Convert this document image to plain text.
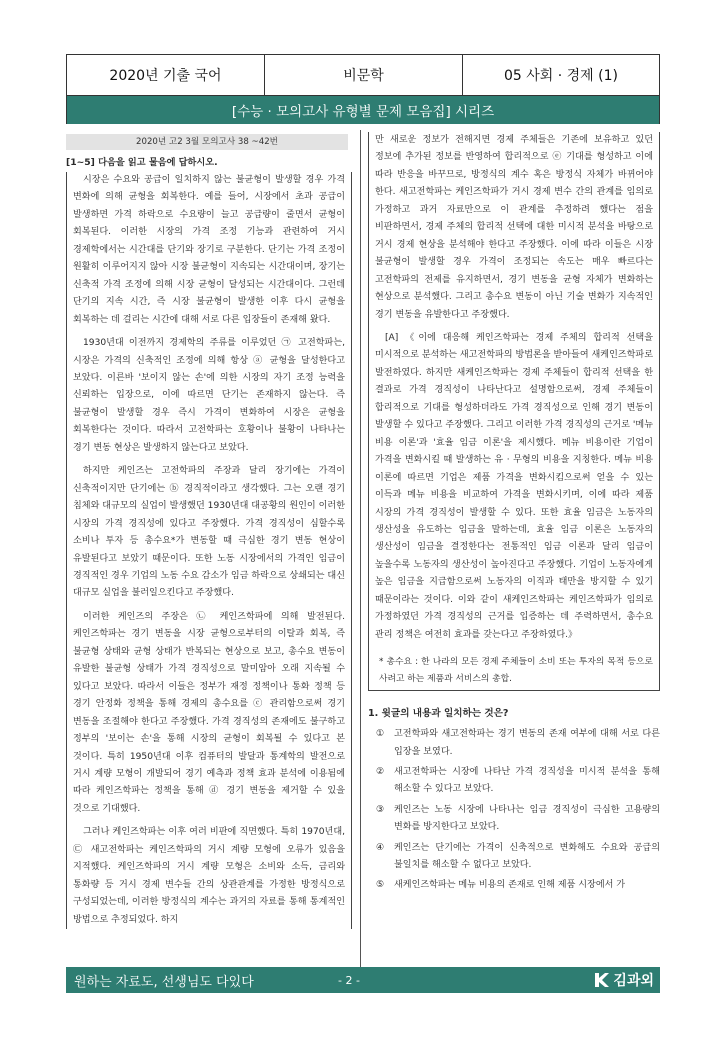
2020년 기출 국어	비문학	05 사회 · 경제 (1)
[수능 · 모의고사 유형별 문제 모음집] 시리즈
2020년 고2 3월 모의고사 38 ~42번
[1~5] 다음을 읽고 물음에 답하시오.
시장은 수요와 공급이 일치하지 않는 불균형이 발생할 경우 가격 변화에 의해 균형을 회복한다. 예를 들어, 시장에서 초과 공급이 발생하면 가격 하락으로 수요량이 늘고 공급량이 줄면서 균형이 회복된다. 이러한 시장의 가격 조정 기능과 관련하여 거시 경제학에서는 시간대를 단기와 장기로 구분한다. 단기는 가격 조정이 원활히 이루어지지 않아 시장 불균형이 지속되는 시간대이며, 장기는 신축적 가격 조정에 의해 시장 균형이 달성되는 시간대이다. 그런데 단기의 지속 시간, 즉 시장 불균형이 발생한 이후 다시 균형을 회복하는 데 걸리는 시간에 대해 서로 다른 입장들이 존재해 왔다.
1930년대 이전까지 경제학의 주류를 이루었던 ㉠ 고전학파는, 시장은 가격의 신축적인 조정에 의해 항상 ⓐ 균형을 달성한다고 보았다. 이른바 '보이지 않는 손'에 의한 시장의 자기 조정 능력을 신뢰하는 입장으로, 이에 따르면 단기는 존재하지 않는다. 즉 불균형이 발생할 경우 즉시 가격이 변화하여 시장은 균형을 회복한다는 것이다. 따라서 고전학파는 호황이나 불황이 나타나는 경기 변동 현상은 발생하지 않는다고 보았다.
하지만 케인즈는 고전학파의 주장과 달리 장기에는 가격이 신축적이지만 단기에는 ⓑ 경직적이라고 생각했다. 그는 오랜 경기 침체와 대규모의 실업이 발생했던 1930년대 대공황의 원인이 이러한 시장의 가격 경직성에 있다고 주장했다. 가격 경직성이 심할수록 소비나 투자 등 총수요*가 변동할 때 극심한 경기 변동 현상이 유발된다고 보았기 때문이다. 또한 노동 시장에서의 가격인 임금이 경직적인 경우 기업의 노동 수요 감소가 임금 하락으로 상쇄되는 대신 대규모 실업을 불러일으킨다고 주장했다.
이러한 케인즈의 주장은 ㉡ 케인즈학파에 의해 발전된다. 케인즈학파는 경기 변동을 시장 균형으로부터의 이탈과 회복, 즉 불균형 상태와 균형 상태가 반복되는 현상으로 보고, 총수요 변동이 유발한 불균형 상태가 가격 경직성으로 말미암아 오래 지속될 수 있다고 보았다. 따라서 이들은 정부가 재정 정책이나 통화 정책 등 경기 안정화 정책을 통해 경제의 총수요를 ⓒ 관리함으로써 경기 변동을 조절해야 한다고 주장했다. 가격 경직성의 존재에도 불구하고 정부의 '보이는 손'을 통해 시장의 균형이 회복될 수 있다고 본 것이다. 특히 1950년대 이후 컴퓨터의 발달과 통계학의 발전으로 거시 계량 모형이 개발되어 경기 예측과 정책 효과 분석에 이용됨에 따라 케인즈학파는 정책을 통해 ⓓ 경기 변동을 제거할 수 있을 것으로 기대했다.
그러나 케인즈학파는 이후 여러 비판에 직면했다. 특히 1970년대, ㉢ 새고전학파는 케인즈학파의 거시 계량 모형에 오류가 있음을 지적했다. 케인즈학파의 거시 계량 모형은 소비와 소득, 금리와 통화량 등 거시 경제 변수들 간의 상관관계를 가정한 방정식으로 구성되었는데, 이러한 방정식의 계수는 과거의 자료를 통해 통계적인 방법으로 추정되었다. 하지
만 새로운 정보가 전해지면 경제 주체들은 기존에 보유하고 있던 정보에 추가된 정보를 반영하여 합리적으로 ⓔ 기대를 형성하고 이에 따라 반응을 바꾸므로, 방정식의 계수 혹은 방정식 자체가 바뀌어야 한다. 새고전학파는 케인즈학파가 거시 경제 변수 간의 관계를 임의로 가정하고 과거 자료만으로 이 관계를 추정하려 했다는 점을 비판하면서, 경제 주체의 합리적 선택에 대한 미시적 분석을 바탕으로 거시 경제 현상을 분석해야 한다고 주장했다. 이에 따라 이들은 시장 불균형이 발생할 경우 가격이 조정되는 속도는 매우 빠르다는 고전학파의 전제를 유지하면서, 경기 변동을 균형 자체가 변화하는 현상으로 분석했다. 그리고 총수요 변동이 아닌 기술 변화가 지속적인 경기 변동을 유발한다고 주장했다.
[A] 《이에 대응해 케인즈학파는 경제 주체의 합리적 선택을 미시적으로 분석하는 새고전학파의 방법론을 받아들여 새케인즈학파로 발전하였다. 하지만 새케인즈학파는 경제 주체들이 합리적 선택을 한 결과로 가격 경직성이 나타난다고 설명함으로써, 경제 주체들이 합리적으로 기대를 형성하더라도 가격 경직성으로 인해 경기 변동이 발생할 수 있다고 주장했다. 그리고 이러한 가격 경직성의 근거로 '메뉴 비용 이론'과 '효율 임금 이론'을 제시했다. 메뉴 비용이란 기업이 가격을 변화시킬 때 발생하는 유 · 무형의 비용을 지칭한다. 메뉴 비용 이론에 따르면 기업은 제품 가격을 변화시킴으로써 얻을 수 있는 이득과 메뉴 비용을 비교하여 가격을 변화시키며, 이에 따라 제품 시장의 가격 경직성이 발생할 수 있다. 또한 효율 임금은 노동자의 생산성을 유도하는 임금을 말하는데, 효율 임금 이론은 노동자의 생산성이 임금을 결정한다는 전통적인 임금 이론과 달리 임금이 높을수록 노동자의 생산성이 높아진다고 주장했다. 기업이 노동자에게 높은 임금을 지급함으로써 노동자의 이직과 태만을 방지할 수 있기 때문이라는 것이다. 이와 같이 새케인즈학파는 케인즈학파가 임의로 가정하였던 가격 경직성의 근거를 입증하는 데 주력하면서, 총수요 관리 정책은 여전히 효과를 갖는다고 주장하였다.》
* 총수요 : 한 나라의 모든 경제 주체들이 소비 또는 투자의 목적 등으로 사려고 하는 제품과 서비스의 총합.
1. 윗글의 내용과 일치하는 것은?
①	고전학파와 새고전학파는 경기 변동의 존재 여부에 대해 서로 다른 입장을 보였다.
②	새고전학파는 시장에 나타난 가격 경직성을 미시적 분석을 통해 해소할 수 있다고 보았다.
③	케인즈는 노동 시장에 나타나는 임금 경직성이 극심한 고용량의 변화를 방지한다고 보았다.
④	케인즈는 단기에는 가격이 신축적으로 변화해도 수요와 공급의 불일치를 해소할 수 없다고 보았다.
⑤	새케인즈학파는 메뉴 비용의 존재로 인해 제품 시장에서 가
원하는 자료도, 선생님도 다있다	- 2 -	김과외
